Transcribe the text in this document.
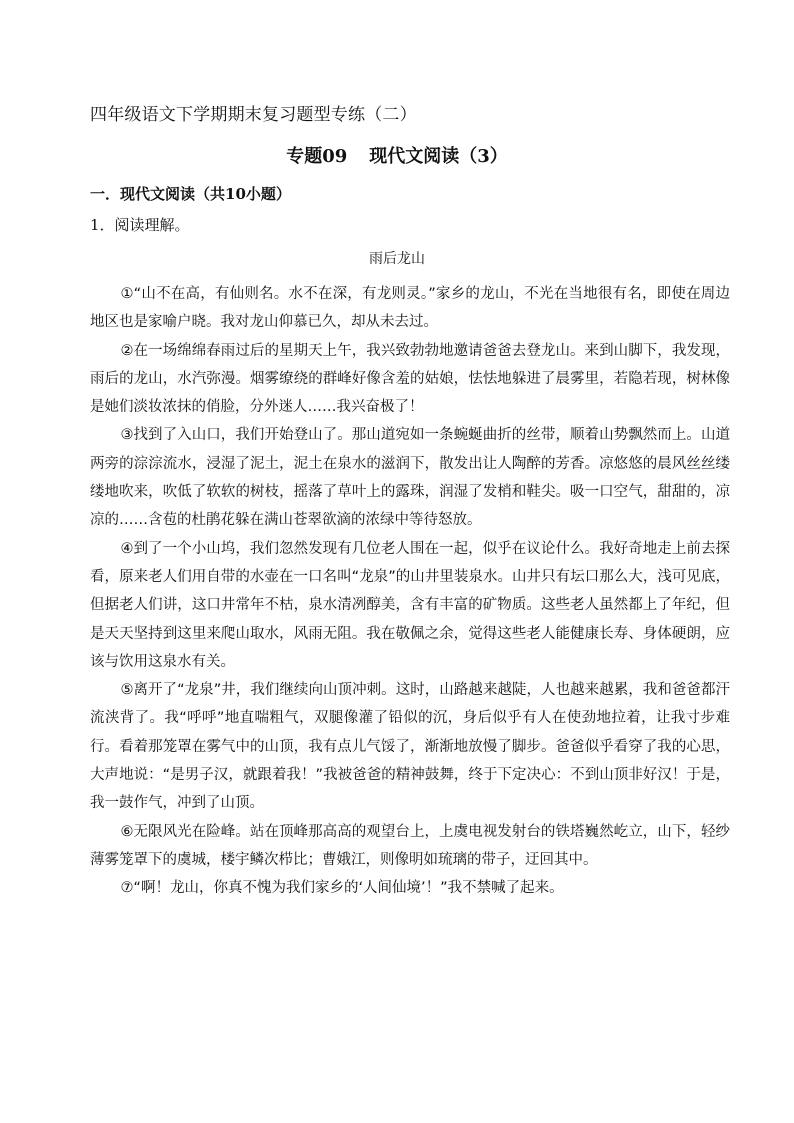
四年级语文下学期期末复习题型专练（二）
专题09 现代文阅读（3）
一．现代文阅读（共10小题）
1．阅读理解。
雨后龙山

①“山不在高，有仙则名。水不在深，有龙则灵。”家乡的龙山，不光在当地很有名，即使在周边地区也是家喻户晓。我对龙山仰慕已久，却从未去过。

②在一场绵绵春雨过后的星期天上午，我兴致勃勃地邀请爸爸去登龙山。来到山脚下，我发现，雨后的龙山，水汽弥漫。烟雾缭绕的群峰好像含羞的姑娘，怯怯地躲进了晨雾里，若隐若现，树林像是她们淡妆浓抹的俏脸，分外迷人……我兴奋极了！

③找到了入山口，我们开始登山了。那山道宛如一条蜿蜒曲折的丝带，顺着山势飘然而上。山道两旁的淙淙流水，浸湿了泥土，泥土在泉水的滋润下，散发出让人陶醉的芳香。凉悠悠的晨风丝丝缕缕地吹来，吹低了软软的树枝，摇落了草叶上的露珠，润湿了发梢和鞋尖。吸一口空气，甜甜的，凉凉的……含苞的杜鹃花躲在满山苍翠欲滴的浓绿中等待怒放。

④到了一个小山坞，我们忽然发现有几位老人围在一起，似乎在议论什么。我好奇地走上前去探看，原来老人们用自带的水壶在一口名叫“龙泉”的山井里装泉水。山井只有坛口那么大，浅可见底，但据老人们讲，这口井常年不枯，泉水清冽醇美，含有丰富的矿物质。这些老人虽然都上了年纪，但是天天坚持到这里来爬山取水，风雨无阻。我在敬佩之余，觉得这些老人能健康长寿、身体硬朗，应该与饮用这泉水有关。

⑤离开了“龙泉”井，我们继续向山顶冲刺。这时，山路越来越陡，人也越来越累，我和爸爸都汗流浃背了。我“呼呼”地直喘粗气，双腿像灌了铅似的沉，身后似乎有人在使劲地拉着，让我寸步难行。看着那笼罩在雾气中的山顶，我有点儿气馁了，渐渐地放慢了脚步。爸爸似乎看穿了我的心思，大声地说：“是男子汉，就跟着我！”我被爸爸的精神鼓舞，终于下定决心：不到山顶非好汉！于是，我一鼓作气，冲到了山顶。

⑥无限风光在险峰。站在顶峰那高高的观望台上，上虞电视发射台的铁塔巍然屹立，山下，轻纱薄雾笼罩下的虞城，楼宇鳞次栉比；曹娥江，则像明如琉璃的带子，迂回其中。

⑦“啊！龙山，你真不愧为我们家乡的‘人间仙境’！”我不禁喊了起来。
